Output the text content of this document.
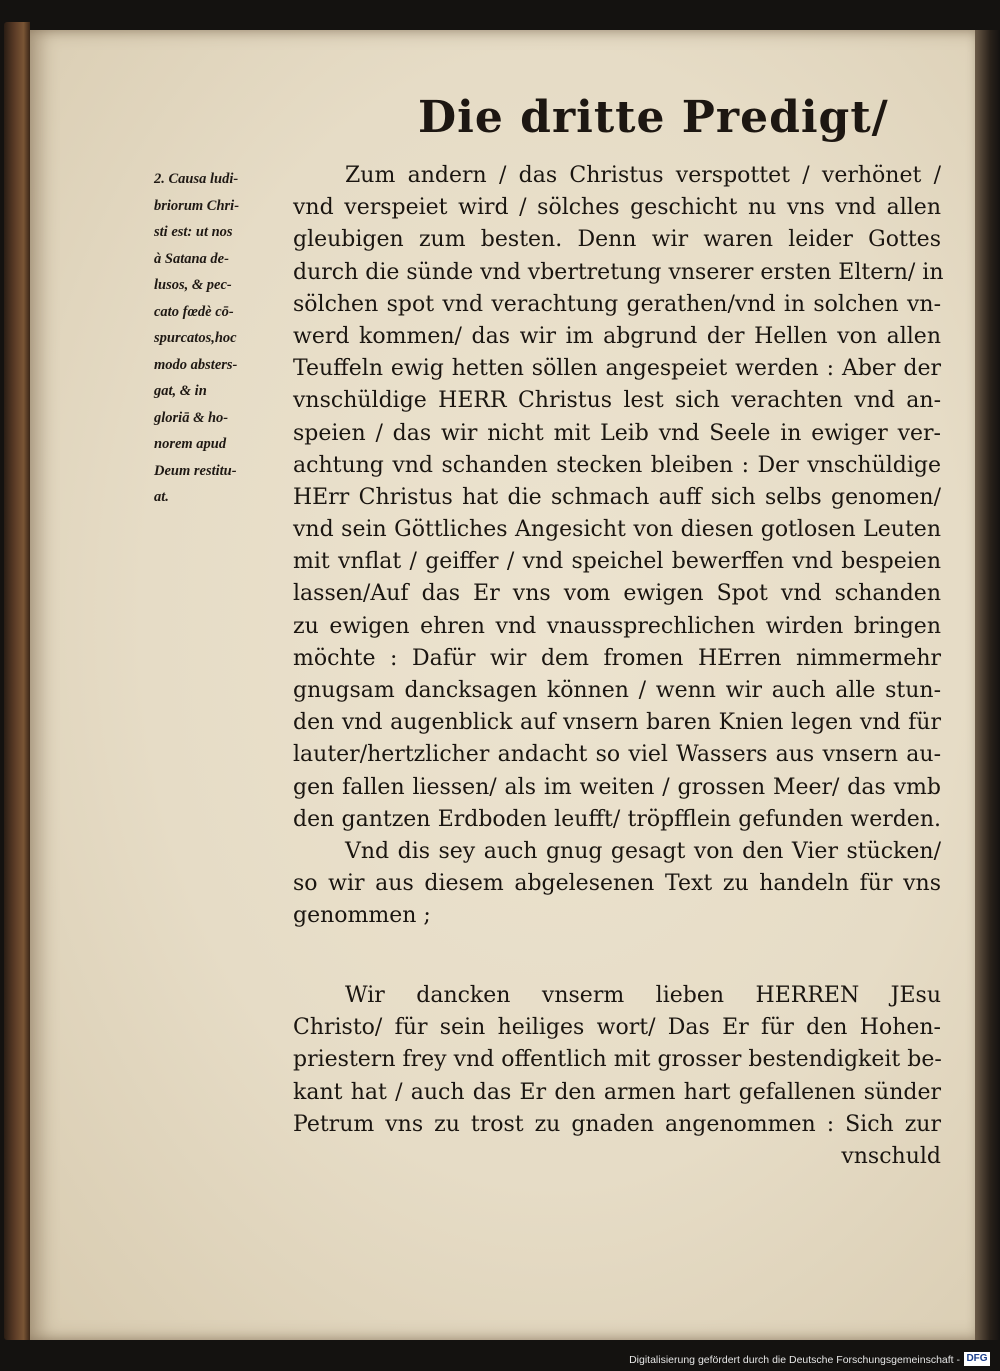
Die dritte Predigt/
2. Causa ludi-
briorum Chri-
sti est: ut nos
à Satana de-
lusos, & pec-
cato fœdè cō-
spurcatos,hoc
modo absters-
gat, & in
gloriā & ho-
norem apud
Deum restitu-
at.
Zum andern / das Christus verspottet / verhönet /
vnd verspeiet wird / sölches geschicht nu vns vnd allen
gleubigen zum besten. Denn wir waren leider Gottes
durch die sünde vnd vbertretung vnserer ersten Eltern/ in
sölchen spot vnd verachtung gerathen/vnd in solchen vn-
werd kommen/ das wir im abgrund der Hellen von allen
Teuffeln ewig hetten söllen angespeiet werden : Aber der
vnschüldige HERR Christus lest sich verachten vnd an-
speien / das wir nicht mit Leib vnd Seele in ewiger ver-
achtung vnd schanden stecken bleiben : Der vnschüldige
HErr Christus hat die schmach auff sich selbs genomen/
vnd sein Göttliches Angesicht von diesen gotlosen Leuten
mit vnflat / geiffer / vnd speichel bewerffen vnd bespeien
lassen/Auf das Er vns vom ewigen Spot vnd schanden
zu ewigen ehren vnd vnaussprechlichen wirden bringen
möchte : Dafür wir dem fromen HErren nimmermehr
gnugsam dancksagen können / wenn wir auch alle stun-
den vnd augenblick auf vnsern baren Knien legen vnd für
lauter/hertzlicher andacht so viel Wassers aus vnsern au-
gen fallen liessen/ als im weiten / grossen Meer/ das vmb
den gantzen Erdboden leufft/ tröpfflein gefunden werden.
Vnd dis sey auch gnug gesagt von den Vier stücken/
so wir aus diesem abgelesenen Text zu handeln für vns
genommen ;
Wir dancken vnserm lieben HERREN JEsu
Christo/ für sein heiliges wort/ Das Er für den Hohen-
priestern frey vnd offentlich mit grosser bestendigkeit be-
kant hat / auch das Er den armen hart gefallenen sünder
Petrum vns zu trost zu gnaden angenommen : Sich zur
vnschuld
Digitalisierung gefördert durch die Deutsche Forschungsgemeinschaft - DFG
